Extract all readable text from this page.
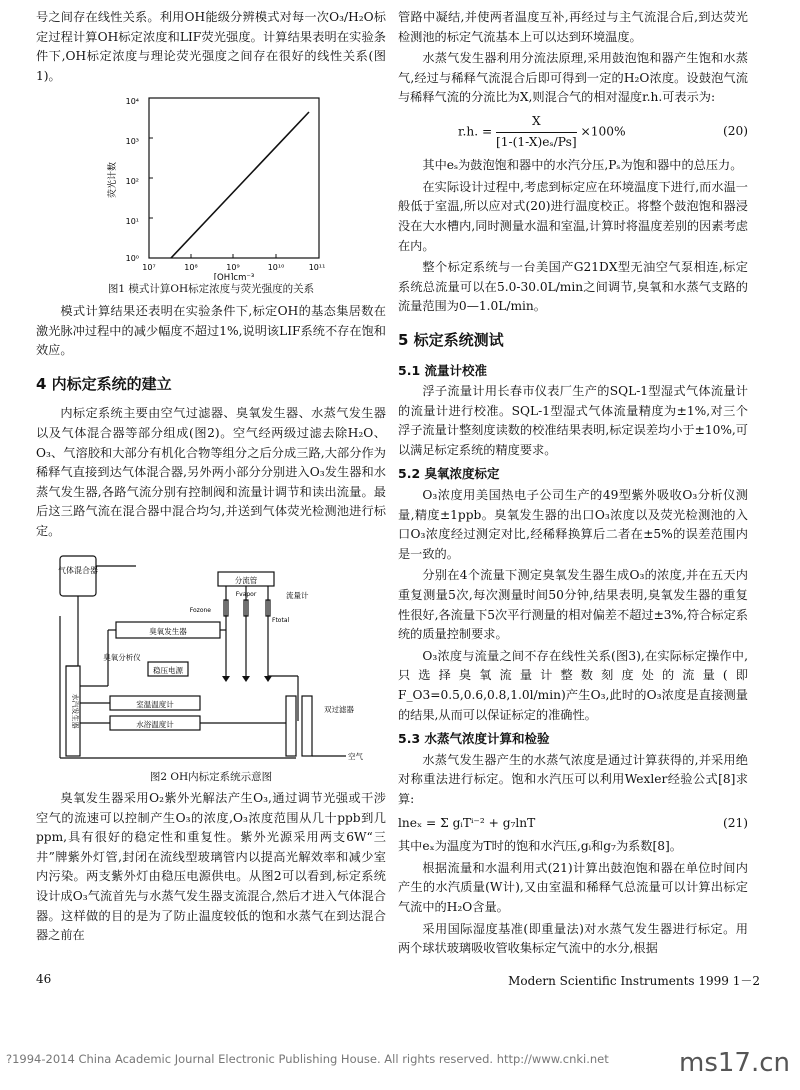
号之间存在线性关系。利用OH能级分辨模式对每一次O₃/H₂O标定过程计算OH标定浓度和LIF荧光强度。计算结果表明在实验条件下,OH标定浓度与理论荧光强度之间存在很好的线性关系(图1)。

10⁴
10³
10²
10¹
10⁰
10⁷	10⁸	10⁹	10¹⁰	10¹¹
[OH]cm⁻³
荧光计数

图1 模式计算OH标定浓度与荧光强度的关系

模式计算结果还表明在实验条件下,标定OH的基态集居数在激光脉冲过程中的减少幅度不超过1%,说明该LIF系统不存在饱和效应。

4 内标定系统的建立

内标定系统主要由空气过滤器、臭氧发生器、水蒸气发生器以及气体混合器等部分组成(图2)。空气经两级过滤去除H₂O、O₃、气溶胶和大部分有机化合物等组分之后分成三路,大部分作为稀释气直接到达气体混合器,另外两小部分分别进入O₃发生器和水蒸气发生器,各路气流分别有控制阀和流量计调节和读出流量。最后这三路气流在混合器中混合均匀,并送到气体荧光检测池进行标定。

气体混合器
分流管
流量计
Fozone
Fvapor
Ftotal
臭氧发生器
臭氧分析仪
稳压电源
水汽发生器	室温温度计
水浴温度计
双过滤器
空气

图2 OH内标定系统示意图

臭氧发生器采用O₂紫外光解法产生O₃,通过调节光强或干涉空气的流速可以控制产生O₃的浓度,O₃浓度范围从几十ppb到几ppm,具有很好的稳定性和重复性。紫外光源采用两支6W“三井”牌紫外灯管,封闭在流线型玻璃管内以提高光解效率和减少室内污染。两支紫外灯由稳压电源供电。从图2可以看到,标定系统设计成O₃气流首先与水蒸气发生器支流混合,然后才进入气体混合器。这样做的目的是为了防止温度较低的饱和水蒸气在到达混合器之前在

管路中凝结,并使两者温度互补,再经过与主气流混合后,到达荧光检测池的标定气流基本上可以达到环境温度。

水蒸气发生器利用分流法原理,采用鼓泡饱和器产生饱和水蒸气,经过与稀释气流混合后即可得到一定的H₂O浓度。设鼓泡气流与稀释气流的分流比为X,则混合气的相对湿度r.h.可表示为:

r.h. = $\frac{X}{\text{[1-(1-X)eₛ/Ps]}} \times 100\%$	(20)

其中eₛ为鼓泡饱和器中的水汽分压,Pₛ为饱和器中的总压力。

在实际设计过程中,考虑到标定应在环境温度下进行,而水温一般低于室温,所以应对式(20)进行温度校正。将整个鼓泡饱和器浸没在大水槽内,同时测量水温和室温,计算时将温度差别的因素考虑在内。

整个标定系统与一台美国产G21DX型无油空气泵相连,标定系统总流量可以在5.0-30.0L/min之间调节,臭氧和水蒸气支路的流量范围为0—1.0L/min。

5 标定系统测试
5.1 流量计校准

浮子流量计用长春市仪表厂生产的SQL-1型湿式气体流量计的流量计进行校准。SQL-1型湿式气体流量精度为±1%,对三个浮子流量计整刻度读数的校准结果表明,标定误差均小于±10%,可以满足标定系统的精度要求。

5.2 臭氧浓度标定

O₃浓度用美国热电子公司生产的49型紫外吸收O₃分析仪测量,精度±1ppb。臭氧发生器的出口O₃浓度以及荧光检测池的入口O₃浓度经过测定对比,经稀释换算后二者在±5%的误差范围内是一致的。

分别在4个流量下测定臭氧发生器生成O₃的浓度,并在五天内重复测量5次,每次测量时间50分钟,结果表明,臭氧发生器的重复性很好,各流量下5次平行测量的相对偏差不超过±3%,符合标定系统的质量控制要求。

O₃浓度与流量之间不存在线性关系(图3),在实际标定操作中,只选择臭氧流量计整数刻度处的流量(即F_O3=0.5,0.6,0.8,1.0l/min)产生O₃,此时的O₃浓度是直接测量的结果,从而可以保证标定的准确性。

5.3 水蒸气浓度计算和检验

水蒸气发生器产生的水蒸气浓度是通过计算获得的,并采用绝对称重法进行标定。饱和水汽压可以利用Wexler经验公式[8]求算:

lneₓ = Σ gᵢTⁱ⁻² + g₇lnT	(21)

其中eₓ为温度为T时的饱和水汽压,gᵢ和g₇为系数[8]。

根据流量和水温利用式(21)计算出鼓泡饱和器在单位时间内产生的水汽质量(W计),又由室温和稀释气总流量可以计算出标定气流中的H₂O含量。

采用国际湿度基准(即重量法)对水蒸气发生器进行标定。用两个球状玻璃吸收管收集标定气流中的水分,根据

46	Modern Scientific Instruments 1999 1－2
?1994-2014 China Academic Journal Electronic Publishing House. All rights reserved. http://www.cnki.net	ms17.cn
